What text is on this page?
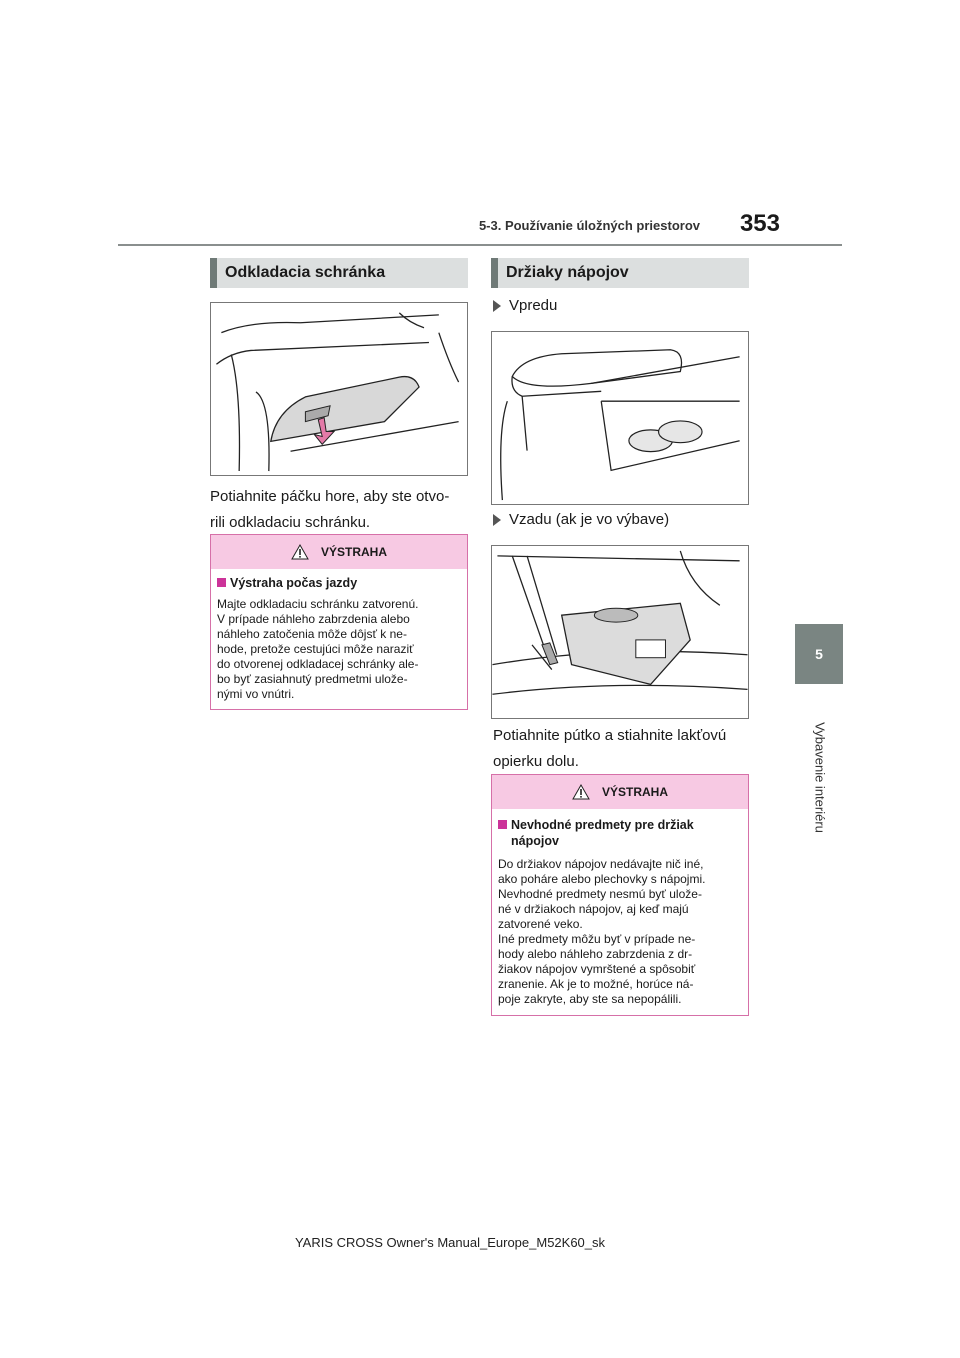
5-3. Používanie úložných priestorov	353
5
Vybavenie interiéru
Odkladacia schránka
Potiahnite páčku hore, aby ste otvo-
rili odkladaciu schránku.
VÝSTRAHA
Výstraha počas jazdy
Majte odkladaciu schránku zatvorenú.
V prípade náhleho zabrzdenia alebo
náhleho zatočenia môže dôjsť k ne-
hode, pretože cestujúci môže naraziť
do otvorenej odkladacej schránky ale-
bo byť zasiahnutý predmetmi ulože-
nými vo vnútri.
Držiaky nápojov
Vpredu
Vzadu (ak je vo výbave)
Potiahnite pútko a stiahnite lakťovú
opierku dolu.
VÝSTRAHA
Nevhodné predmety pre držiak nápojov
Do držiakov nápojov nedávajte nič iné,
ako poháre alebo plechovky s nápojmi.
Nevhodné predmety nesmú byť ulože-
né v držiakoch nápojov, aj keď majú
zatvorené veko.
Iné predmety môžu byť v prípade ne-
hody alebo náhleho zabrzdenia z dr-
žiakov nápojov vymrštené a spôsobiť
zranenie. Ak je to možné, horúce ná-
poje zakryte, aby ste sa nepopálili.
YARIS CROSS Owner's Manual_Europe_M52K60_sk
